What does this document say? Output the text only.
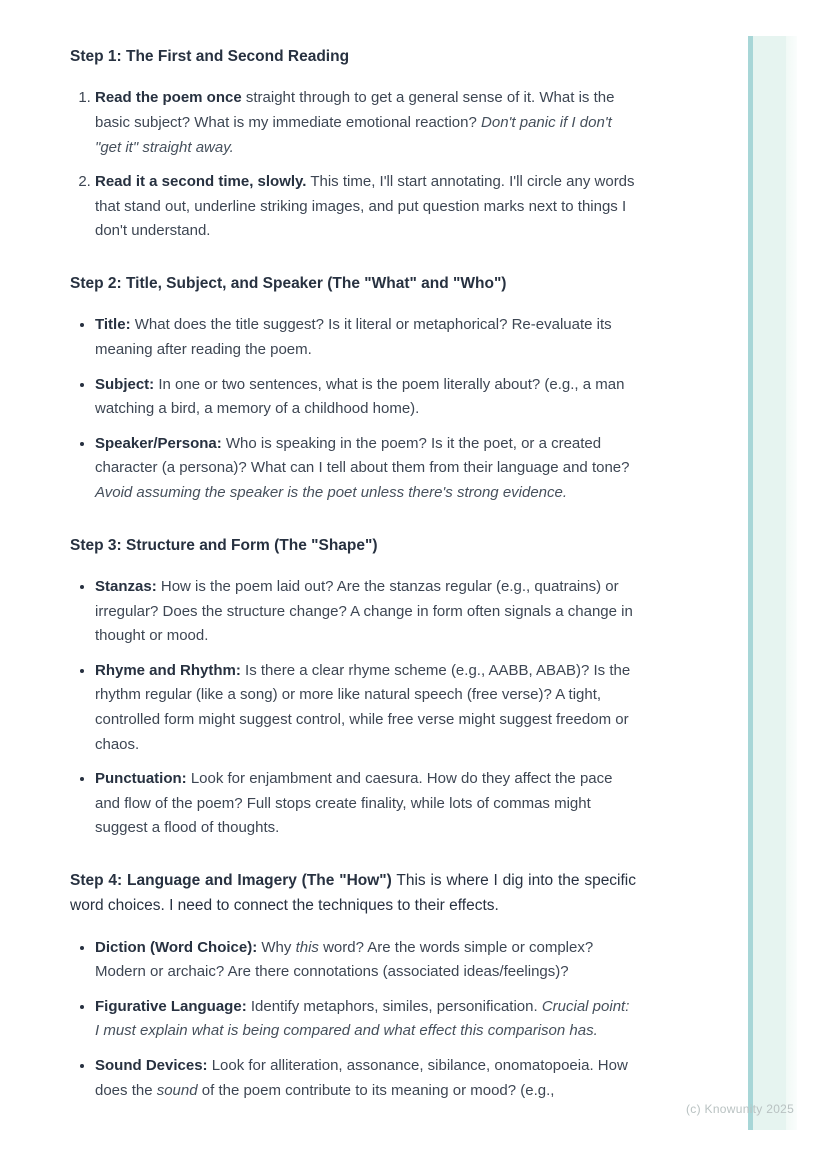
(c) Knowunity 2025

Step 1: The First and Second Reading

1. Read the poem once straight through to get a general sense of it. What is the basic subject? What is my immediate emotional reaction? Don't panic if I don't "get it" straight away.
2. Read it a second time, slowly. This time, I'll start annotating. I'll circle any words that stand out, underline striking images, and put question marks next to things I don't understand.

Step 2: Title, Subject, and Speaker (The "What" and "Who")

• Title: What does the title suggest? Is it literal or metaphorical? Re-evaluate its meaning after reading the poem.
• Subject: In one or two sentences, what is the poem literally about? (e.g., a man watching a bird, a memory of a childhood home).
• Speaker/Persona: Who is speaking in the poem? Is it the poet, or a created character (a persona)? What can I tell about them from their language and tone? Avoid assuming the speaker is the poet unless there's strong evidence.

Step 3: Structure and Form (The "Shape")

• Stanzas: How is the poem laid out? Are the stanzas regular (e.g., quatrains) or irregular? Does the structure change? A change in form often signals a change in thought or mood.
• Rhyme and Rhythm: Is there a clear rhyme scheme (e.g., AABB, ABAB)? Is the rhythm regular (like a song) or more like natural speech (free verse)? A tight, controlled form might suggest control, while free verse might suggest freedom or chaos.
• Punctuation: Look for enjambment and caesura. How do they affect the pace and flow of the poem? Full stops create finality, while lots of commas might suggest a flood of thoughts.

Step 4: Language and Imagery (The "How") This is where I dig into the specific word choices. I need to connect the techniques to their effects.

• Diction (Word Choice): Why this word? Are the words simple or complex? Modern or archaic? Are there connotations (associated ideas/feelings)?
• Figurative Language: Identify metaphors, similes, personification. Crucial point: I must explain what is being compared and what effect this comparison has.
• Sound Devices: Look for alliteration, assonance, sibilance, onomatopoeia. How does the sound of the poem contribute to its meaning or mood? (e.g.,
